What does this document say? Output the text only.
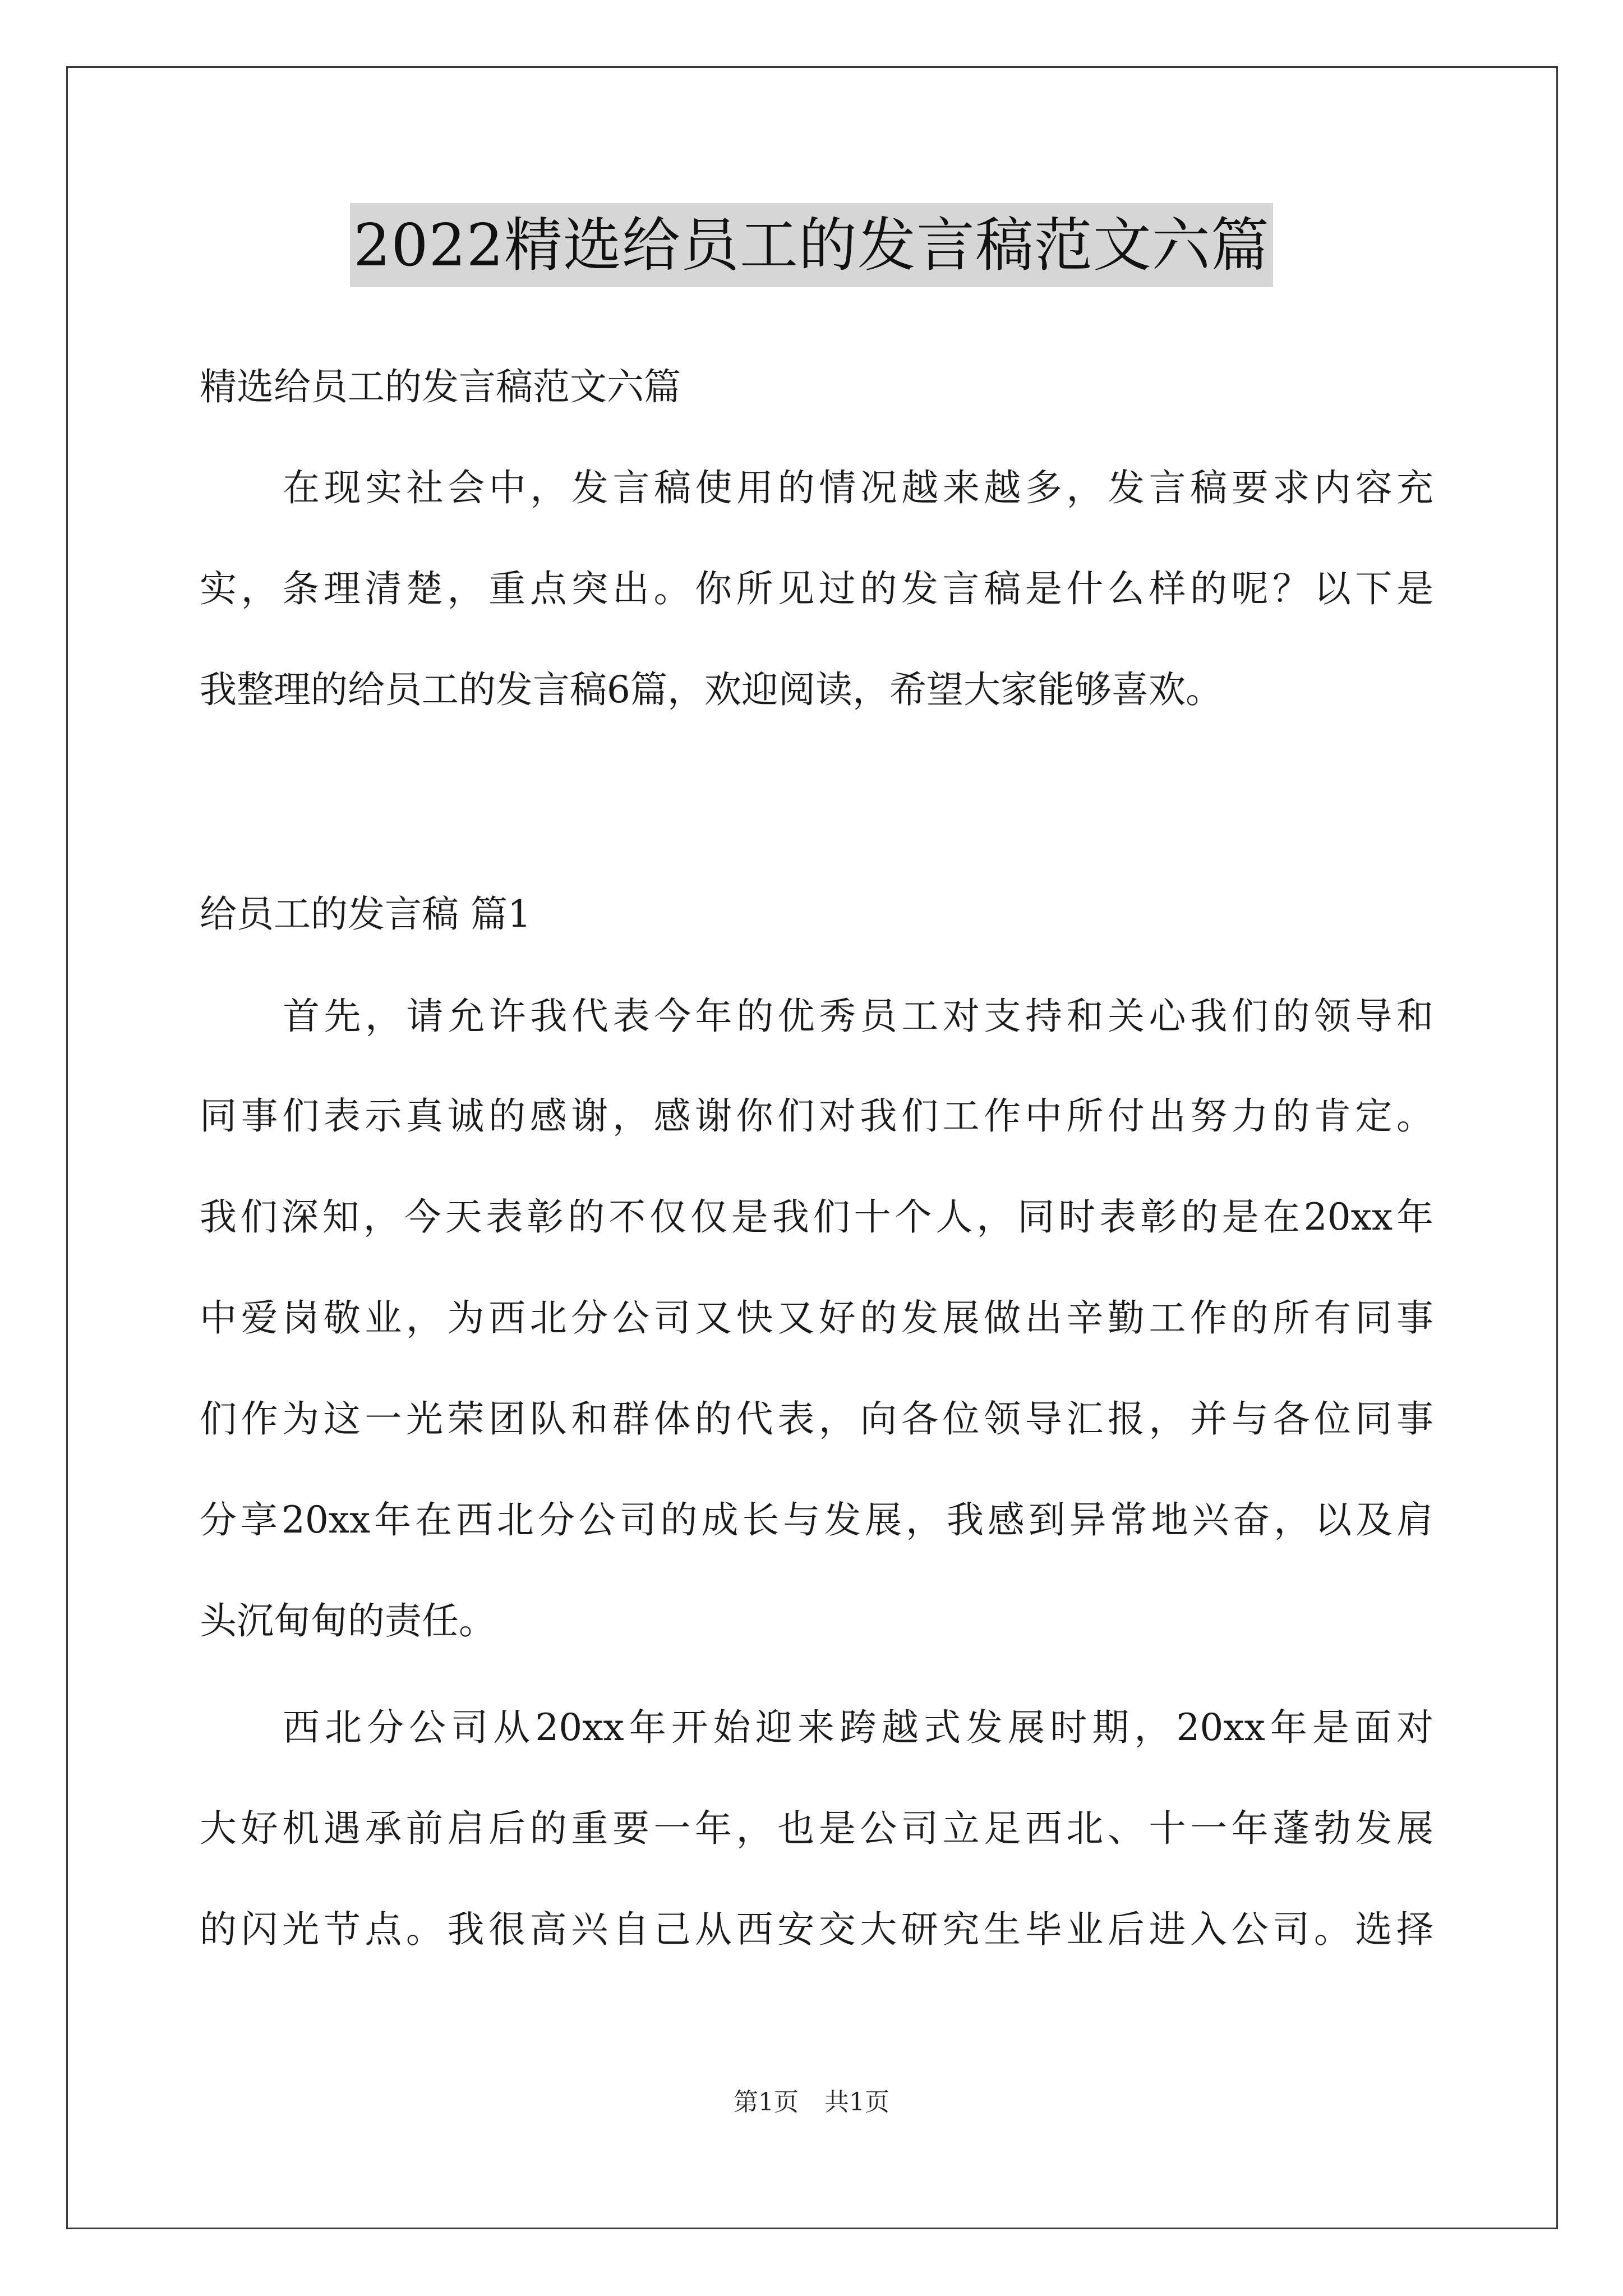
2022精选给员工的发言稿范文六篇
精选给员工的发言稿范文六篇
在现实社会中，发言稿使用的情况越来越多，发言稿要求内容充
实，条理清楚，重点突出。你所见过的发言稿是什么样的呢？以下是
我整理的给员工的发言稿6篇，欢迎阅读，希望大家能够喜欢。
给员工的发言稿 篇1
首先，请允许我代表今年的优秀员工对支持和关心我们的领导和
同事们表示真诚的感谢，感谢你们对我们工作中所付出努力的肯定。
我们深知，今天表彰的不仅仅是我们十个人，同时表彰的是在20xx年
中爱岗敬业，为西北分公司又快又好的发展做出辛勤工作的所有同事
们作为这一光荣团队和群体的代表，向各位领导汇报，并与各位同事
分享20xx年在西北分公司的成长与发展，我感到异常地兴奋，以及肩
头沉甸甸的责任。
西北分公司从20xx年开始迎来跨越式发展时期，20xx年是面对
大好机遇承前启后的重要一年，也是公司立足西北、十一年蓬勃发展
的闪光节点。我很高兴自己从西安交大研究生毕业后进入公司。选择
第1页 共1页
